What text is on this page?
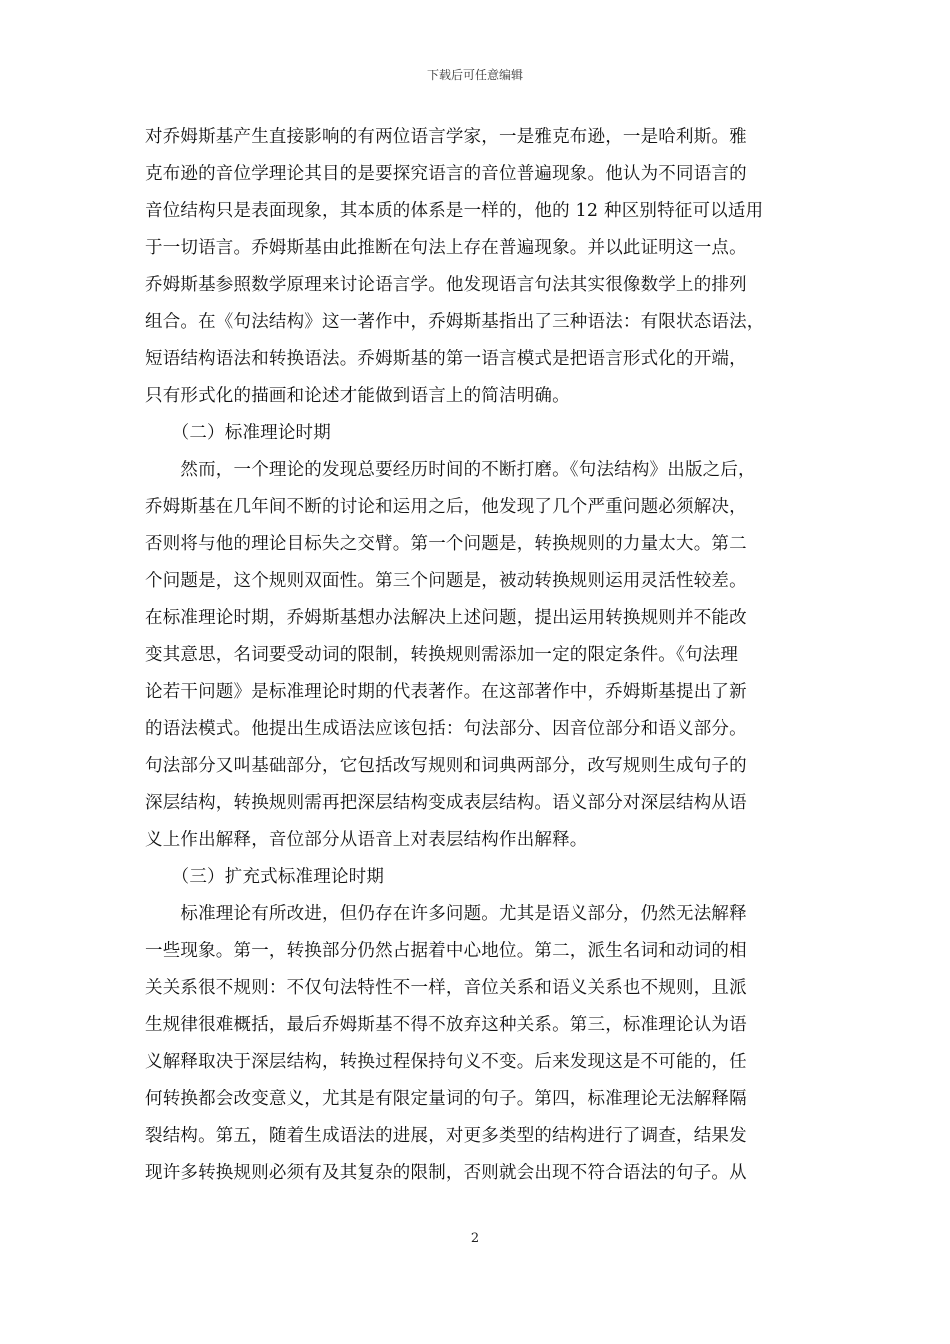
下载后可任意编辑
对乔姆斯基产生直接影响的有两位语言学家，一是雅克布逊，一是哈利斯。雅
克布逊的音位学理论其目的是要探究语言的音位普遍现象。他认为不同语言的
音位结构只是表面现象，其本质的体系是一样的，他的 12 种区别特征可以适用
于一切语言。乔姆斯基由此推断在句法上存在普遍现象。并以此证明这一点。
乔姆斯基参照数学原理来讨论语言学。他发现语言句法其实很像数学上的排列
组合。在《句法结构》这一著作中，乔姆斯基指出了三种语法：有限状态语法，
短语结构语法和转换语法。乔姆斯基的第一语言模式是把语言形式化的开端，
只有形式化的描画和论述才能做到语言上的简洁明确。
　　（二）标准理论时期
　　然而，一个理论的发现总要经历时间的不断打磨。《句法结构》出版之后，
乔姆斯基在几年间不断的讨论和运用之后，他发现了几个严重问题必须解决，
否则将与他的理论目标失之交臂。第一个问题是，转换规则的力量太大。第二
个问题是，这个规则双面性。第三个问题是，被动转换规则运用灵活性较差。
在标准理论时期，乔姆斯基想办法解决上述问题，提出运用转换规则并不能改
变其意思，名词要受动词的限制，转换规则需添加一定的限定条件。《句法理
论若干问题》是标准理论时期的代表著作。在这部著作中，乔姆斯基提出了新
的语法模式。他提出生成语法应该包括：句法部分、因音位部分和语义部分。
句法部分又叫基础部分，它包括改写规则和词典两部分，改写规则生成句子的
深层结构，转换规则需再把深层结构变成表层结构。语义部分对深层结构从语
义上作出解释，音位部分从语音上对表层结构作出解释。
　　（三）扩充式标准理论时期
　　标准理论有所改进，但仍存在许多问题。尤其是语义部分，仍然无法解释
一些现象。第一，转换部分仍然占据着中心地位。第二，派生名词和动词的相
关关系很不规则：不仅句法特性不一样，音位关系和语义关系也不规则，且派
生规律很难概括，最后乔姆斯基不得不放弃这种关系。第三，标准理论认为语
义解释取决于深层结构，转换过程保持句义不变。后来发现这是不可能的，任
何转换都会改变意义，尤其是有限定量词的句子。第四，标准理论无法解释隔
裂结构。第五，随着生成语法的进展，对更多类型的结构进行了调查，结果发
现许多转换规则必须有及其复杂的限制，否则就会出现不符合语法的句子。从
2
